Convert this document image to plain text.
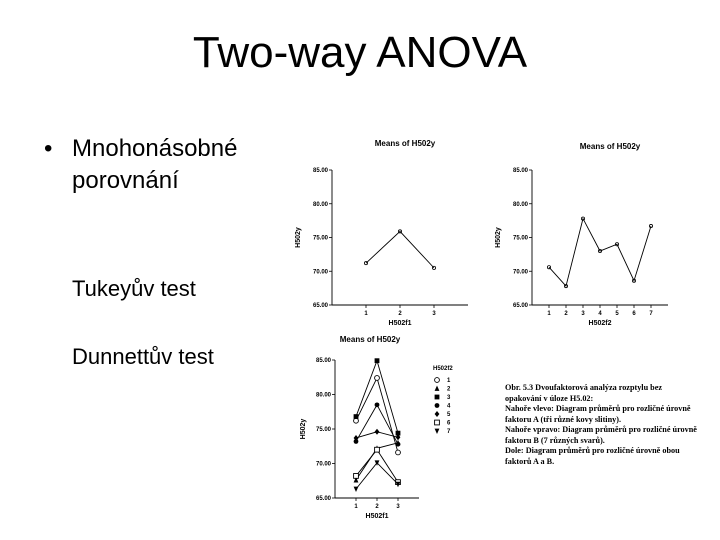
Two-way ANOVA
• Mnohonásobné porovnání
Tukeyův test
Dunnettův test
Means of H502y
85.00
80.00
75.00
70.00
65.00
1	2	3
H502f1
H502y
Means of H502y
85.00
80.00
75.00
70.00
65.00
1 2 3 4 5 6 7
H502f2
H502y
Means of H502y
85.00
80.00
75.00
70.00
65.00
1	2	3
H502f1
H502y
H502f2
1
2
3
4
5
6
7
Obr. 5.3 Dvoufaktorová analýza rozptylu bez
opakování v úloze H5.02:
Nahoře vlevo: Diagram průměrů pro rozličné úrovně
faktoru A (tři různé kovy slitiny).
Nahoře vpravo: Diagram průměrů pro rozličné úrovně
faktoru B (7 různých svarů).
Dole: Diagram průměrů pro rozličné úrovně obou
faktorů A a B.
